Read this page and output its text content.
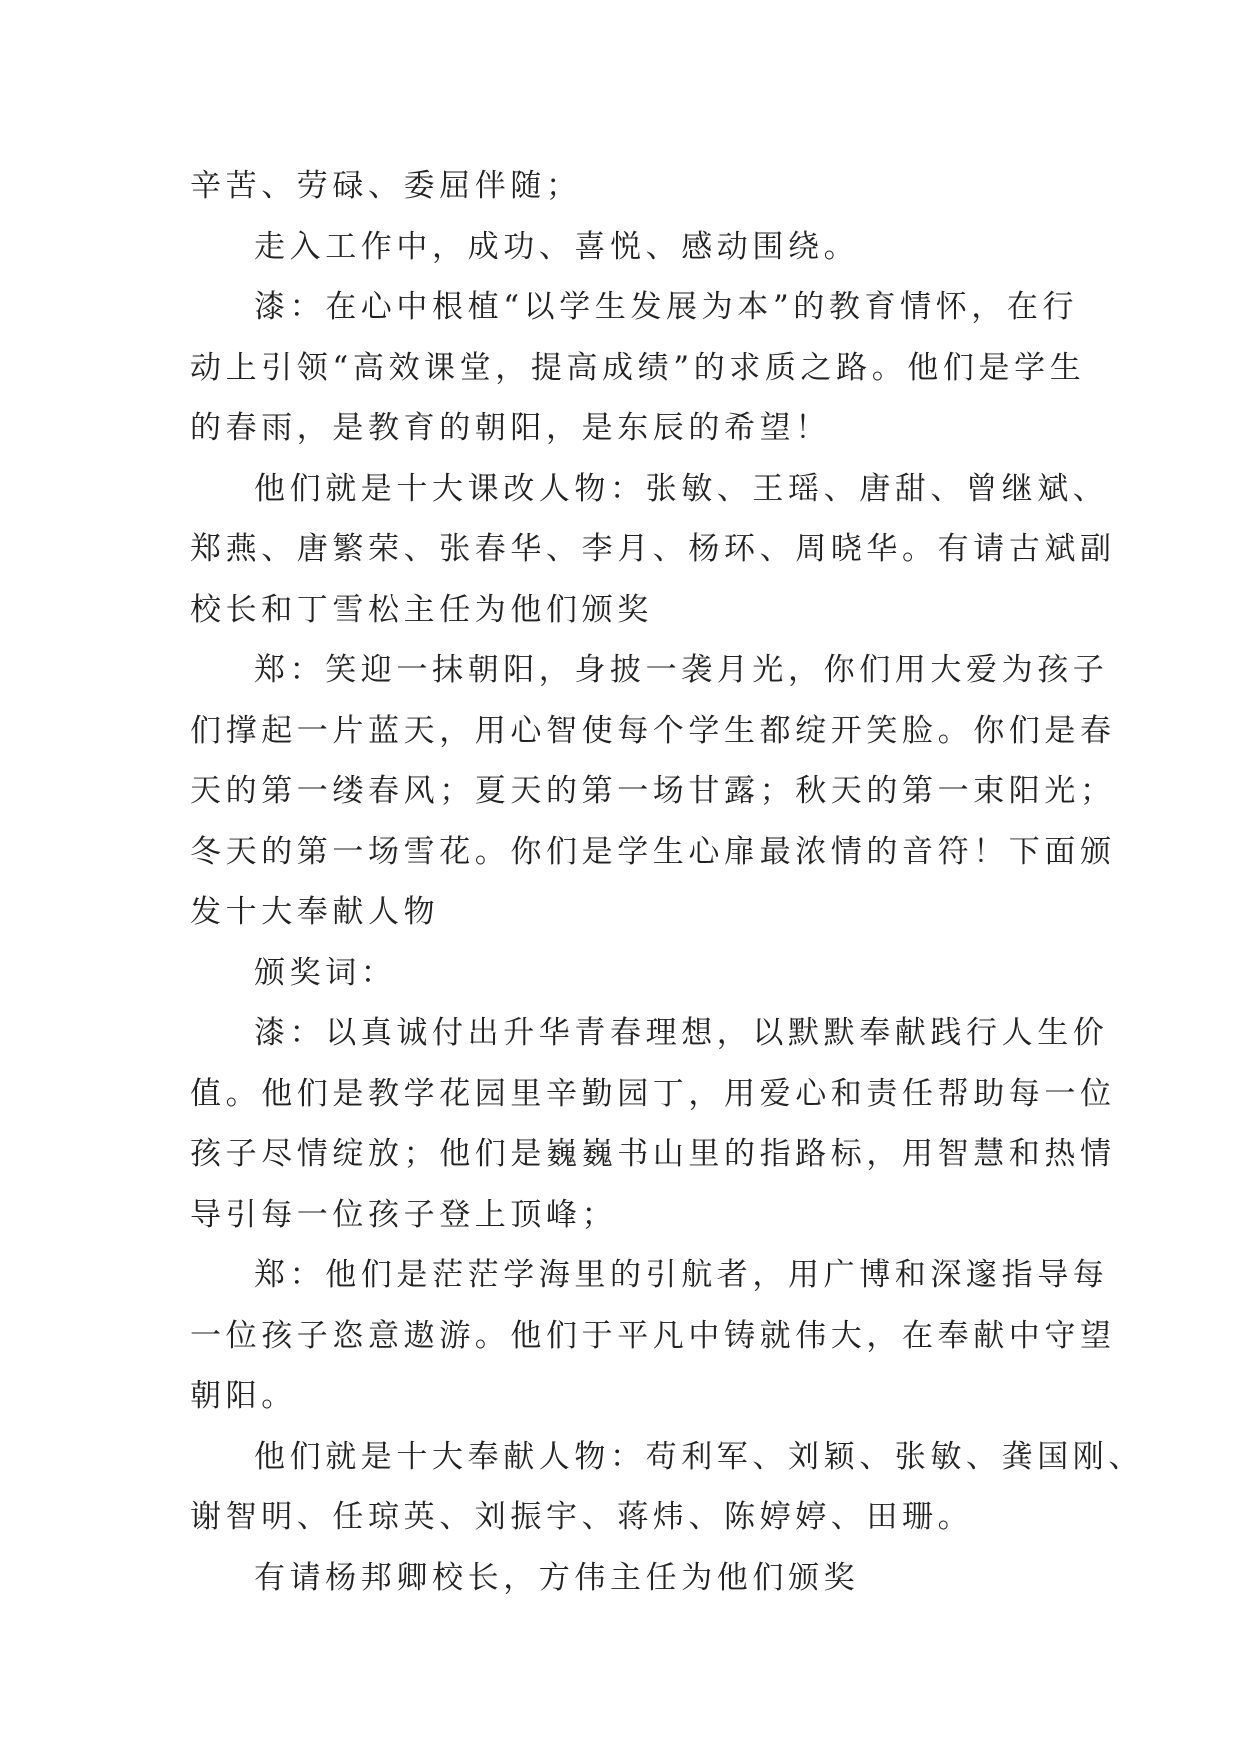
辛苦、劳碌、委屈伴随；
走入工作中，成功、喜悦、感动围绕。
漆：在心中根植“以学生发展为本”的教育情怀，在行
动上引领“高效课堂，提高成绩”的求质之路。他们是学生
的春雨，是教育的朝阳，是东辰的希望！
他们就是十大课改人物：张敏、王瑶、唐甜、曾继斌、
郑燕、唐繁荣、张春华、李月、杨环、周晓华。有请古斌副
校长和丁雪松主任为他们颁奖
郑：笑迎一抹朝阳，身披一袭月光，你们用大爱为孩子
们撑起一片蓝天，用心智使每个学生都绽开笑脸。你们是春
天的第一缕春风；夏天的第一场甘露；秋天的第一束阳光；
冬天的第一场雪花。你们是学生心扉最浓情的音符！下面颁
发十大奉献人物
颁奖词：
漆：以真诚付出升华青春理想，以默默奉献践行人生价
值。他们是教学花园里辛勤园丁，用爱心和责任帮助每一位
孩子尽情绽放；他们是巍巍书山里的指路标，用智慧和热情
导引每一位孩子登上顶峰；
郑：他们是茫茫学海里的引航者，用广博和深邃指导每
一位孩子恣意遨游。他们于平凡中铸就伟大，在奉献中守望
朝阳。
他们就是十大奉献人物：苟利军、刘颖、张敏、龚国刚、
谢智明、任琼英、刘振宇、蒋炜、陈婷婷、田珊。
有请杨邦卿校长，方伟主任为他们颁奖
